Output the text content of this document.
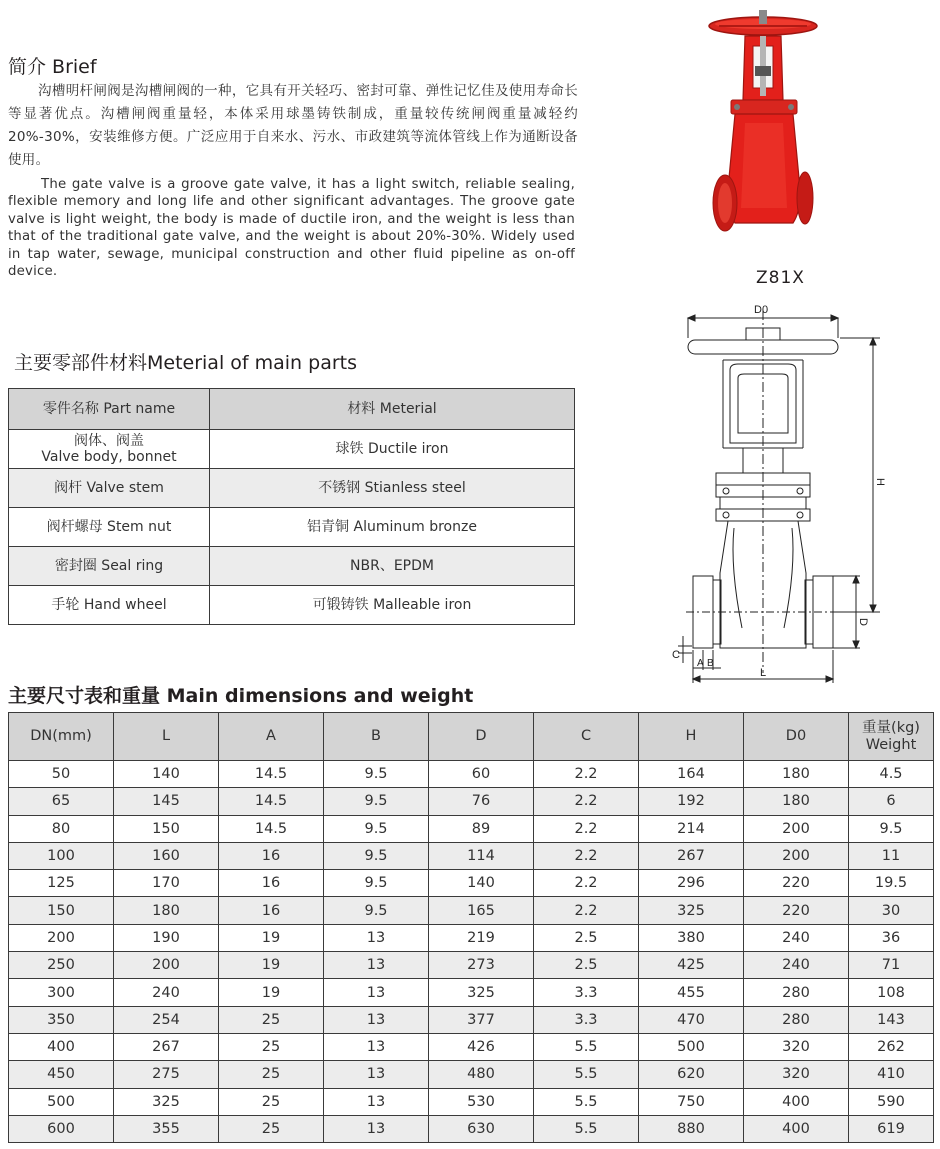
简介 Brief
沟槽明杆闸阀是沟槽闸阀的一种，它具有开关轻巧、密封可靠、弹性记忆佳及使用寿命长等显著优点。沟槽闸阀重量轻，本体采用球墨铸铁制成，重量较传统闸阀重量减轻约20%-30%，安装维修方便。广泛应用于自来水、污水、市政建筑等流体管线上作为通断设备使用。
The gate valve is a groove gate valve, it has a light switch, reliable sealing, flexible memory and long life and other significant advantages. The groove gate valve is light weight, the body is made of ductile iron, and the weight is less than that of the traditional gate valve, and the weight is about 20%-30%. Widely used in tap water, sewage, municipal construction and other fluid pipeline as on-off device.	Z81X
D0
H
D
C
A B
L
主要零部件材料Meterial of main parts
零件名称 Part name	材料 Meterial

阀体、阀盖
Valve body, bonnet	球铁 Ductile iron
阀杆 Valve stem	不锈钢 Stianless steel
阀杆螺母 Stem nut	铝青铜 Aluminum bronze
密封圈 Seal ring	NBR、EPDM
手轮 Hand wheel	可锻铸铁 Malleable iron
主要尺寸表和重量 Main dimensions and weight
DN(mm)	L	A	B	D	C	H	D0	重量(kg)
Weight

50	140	14.5	9.5	60	2.2	164	180	4.5
65	145	14.5	9.5	76	2.2	192	180	6
80	150	14.5	9.5	89	2.2	214	200	9.5
100	160	16	9.5	114	2.2	267	200	11
125	170	16	9.5	140	2.2	296	220	19.5
150	180	16	9.5	165	2.2	325	220	30
200	190	19	13	219	2.5	380	240	36
250	200	19	13	273	2.5	425	240	71
300	240	19	13	325	3.3	455	280	108
350	254	25	13	377	3.3	470	280	143
400	267	25	13	426	5.5	500	320	262
450	275	25	13	480	5.5	620	320	410
500	325	25	13	530	5.5	750	400	590
600	355	25	13	630	5.5	880	400	619
